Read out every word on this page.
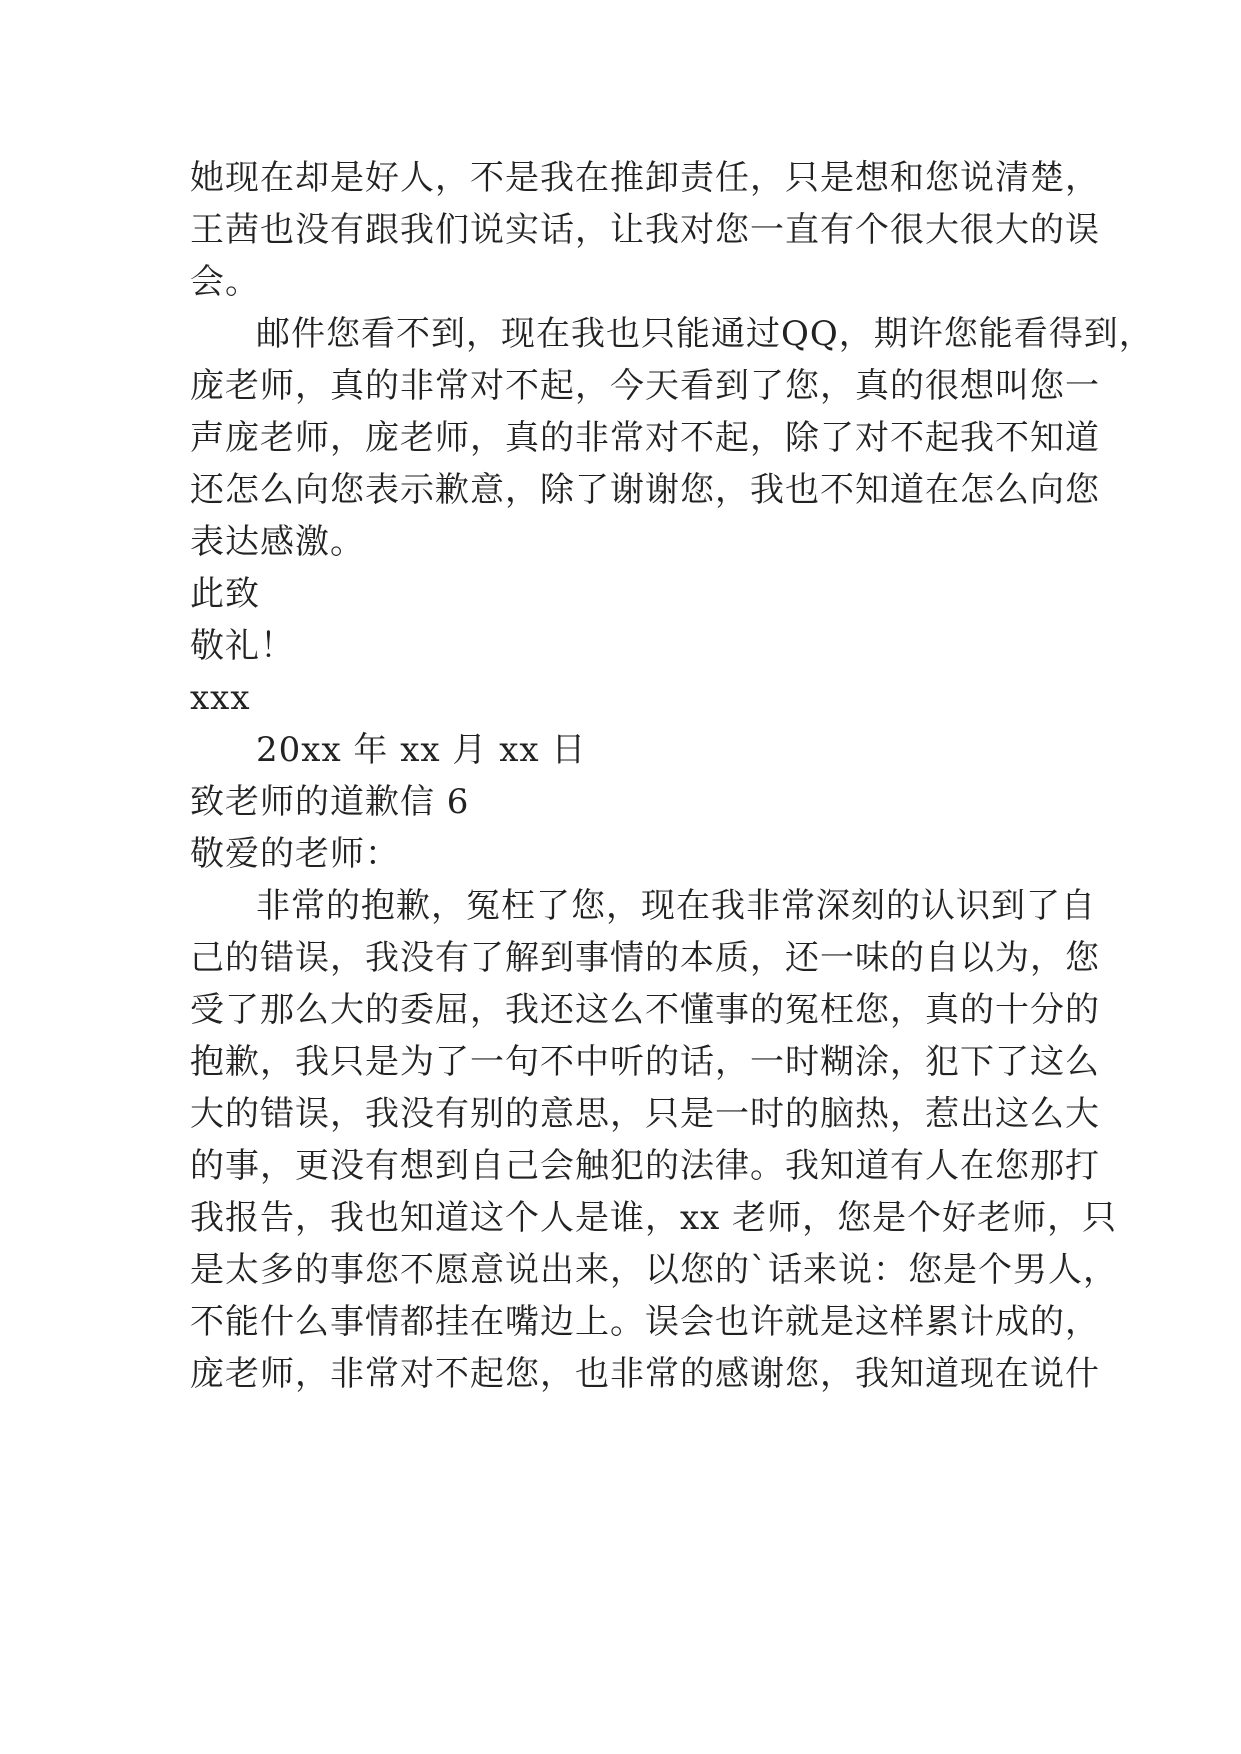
她现在却是好人，不是我在推卸责任，只是想和您说清楚，
王茜也没有跟我们说实话，让我对您一直有个很大很大的误
会。
邮件您看不到，现在我也只能通过QQ，期许您能看得到，
庞老师，真的非常对不起，今天看到了您，真的很想叫您一
声庞老师，庞老师，真的非常对不起，除了对不起我不知道
还怎么向您表示歉意，除了谢谢您，我也不知道在怎么向您
表达感激。
此致
敬礼！
xxx
20xx 年 xx 月 xx 日
致老师的道歉信 6
敬爱的老师：
非常的抱歉，冤枉了您，现在我非常深刻的认识到了自
己的错误，我没有了解到事情的本质，还一味的自以为，您
受了那么大的委屈，我还这么不懂事的冤枉您，真的十分的
抱歉，我只是为了一句不中听的话，一时糊涂，犯下了这么
大的错误，我没有别的意思，只是一时的脑热，惹出这么大
的事，更没有想到自己会触犯的法律。我知道有人在您那打
我报告，我也知道这个人是谁，xx 老师，您是个好老师，只
是太多的事您不愿意说出来，以您的`话来说：您是个男人，
不能什么事情都挂在嘴边上。误会也许就是这样累计成的，
庞老师，非常对不起您，也非常的感谢您，我知道现在说什
